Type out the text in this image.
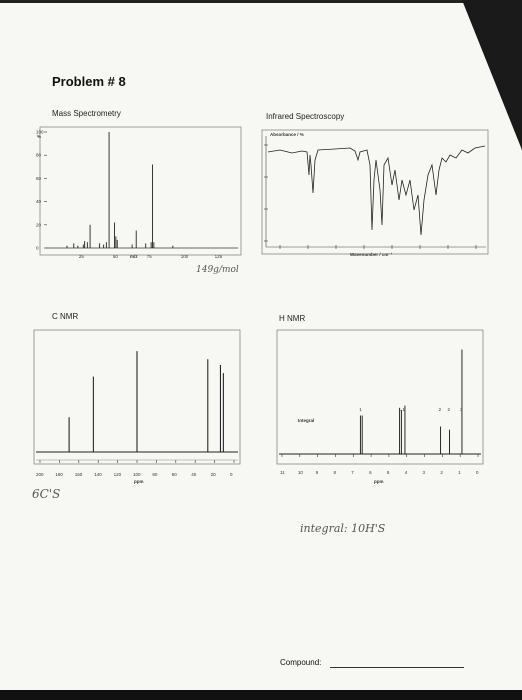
Problem # 8
Mass Spectrometry	Infrared Spectroscopy
C NMR	H NMR
100
80
60
40
20
0
25	50	75	100	125
%
m/z
Absorbance / %
Wavenumber / cm⁻¹
200	180	160	140	120	100	80	60	40	20	0
ppm
1	1 1	2 2 3
11	10	9	8	7	6	5	4	3	2	1	0
Integral
ppm
149g/mol
6C'S
integral: 10H'S
Compound:
